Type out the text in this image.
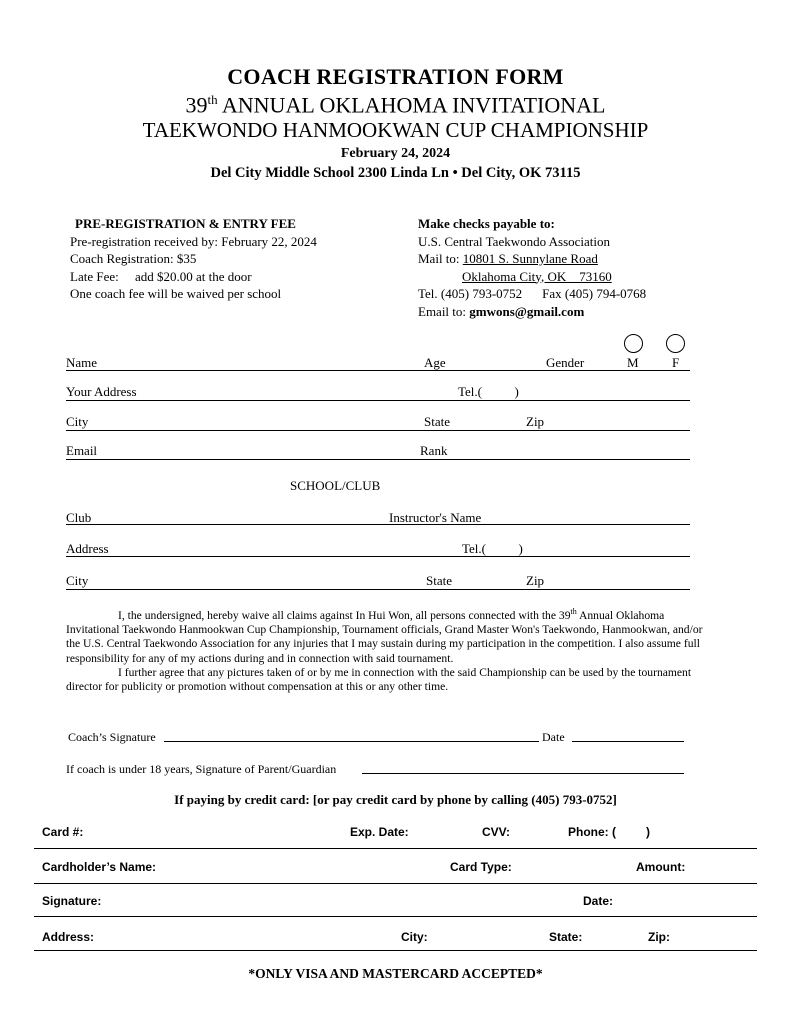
COACH REGISTRATION FORM
39th ANNUAL OKLAHOMA INVITATIONAL
TAEKWONDO HANMOOKWAN CUP CHAMPIONSHIP
February 24, 2024
Del City Middle School 2300 Linda Ln • Del City, OK 73115
PRE-REGISTRATION & ENTRY FEE
Pre-registration received by: February 22, 2024
Coach Registration: $35
Late Fee:     add $20.00 at the door
One coach fee will be waived per school
Make checks payable to:
U.S. Central Taekwondo Association
Mail to: 10801 S. Sunnylane Road
Oklahoma City, OK    73160
Tel. (405) 793-0752 Fax (405) 794-0768
Email to: gmwons@gmail.com
Name	Age	Gender	M	F
Your Address	Tel.(          )
City	State	Zip
Email	Rank
SCHOOL/CLUB
Club	Instructor's Name
Address	Tel.(          )
City	State	Zip

I, the undersigned, hereby waive all claims against In Hui Won, all persons connected with the 39th Annual Oklahoma Invitational Taekwondo Hanmookwan Cup Championship, Tournament officials, Grand Master Won's Taekwondo, Hanmookwan, and/or the U.S. Central Taekwondo Association for any injuries that I may sustain during my participation in the competition. I also assume full responsibility for any of my actions during and in connection with said tournament.

I further agree that any pictures taken of or by me in connection with the said Championship can be used by the tournament director for publicity or promotion without compensation at this or any other time.

Coach’s Signature	Date
If coach is under 18 years, Signature of Parent/Guardian
If paying by credit card: [or pay credit card by phone by calling (405) 793-0752]
Card #:	Exp. Date:	CVV:	Phone: (         )
Cardholder’s Name:	Card Type:	Amount:
Signature:	Date:
Address:	City:	State:	Zip:
*ONLY VISA AND MASTERCARD ACCEPTED*
